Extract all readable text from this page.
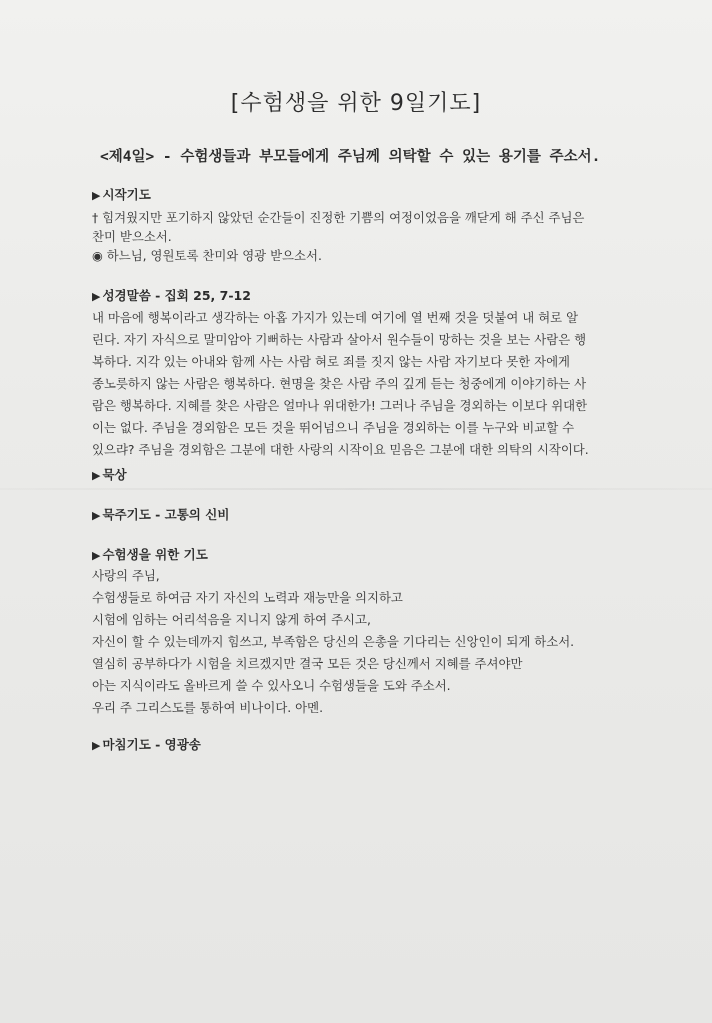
[수험생을 위한 9일기도]
<제4일> - 수험생들과 부모들에게 주님께 의탁할 수 있는 용기를 주소서.
▶ 시작기도
† 힘겨웠지만 포기하지 않았던 순간들이 진정한 기쁨의 여정이었음을 깨닫게 해 주신 주님은
찬미 받으소서.
◉ 하느님, 영원토록 찬미와 영광 받으소서.
▶ 성경말씀 - 집회 25, 7-12
내 마음에 행복이라고 생각하는 아홉 가지가 있는데 여기에 열 번째 것을 덧붙여 내 혀로 알
린다. 자기 자식으로 말미암아 기뻐하는 사람과 살아서 원수들이 망하는 것을 보는 사람은 행
복하다. 지각 있는 아내와 함께 사는 사람 혀로 죄를 짓지 않는 사람 자기보다 못한 자에게
종노릇하지 않는 사람은 행복하다. 현명을 찾은 사람 주의 깊게 듣는 청중에게 이야기하는 사
람은 행복하다. 지혜를 찾은 사람은 얼마나 위대한가! 그러나 주님을 경외하는 이보다 위대한
이는 없다. 주님을 경외함은 모든 것을 뛰어넘으니 주님을 경외하는 이를 누구와 비교할 수
있으랴? 주님을 경외함은 그분에 대한 사랑의 시작이요 믿음은 그분에 대한 의탁의 시작이다.
▶ 묵상
▶ 묵주기도 - 고통의 신비
▶ 수험생을 위한 기도
사랑의 주님,
수험생들로 하여금 자기 자신의 노력과 재능만을 의지하고
시험에 임하는 어리석음을 지니지 않게 하여 주시고,
자신이 할 수 있는데까지 힘쓰고, 부족함은 당신의 은총을 기다리는 신앙인이 되게 하소서.
열심히 공부하다가 시험을 치르겠지만 결국 모든 것은 당신께서 지혜를 주셔야만
아는 지식이라도 올바르게 쓸 수 있사오니 수험생들을 도와 주소서.
우리 주 그리스도를 통하여 비나이다. 아멘.
▶ 마침기도 - 영광송
